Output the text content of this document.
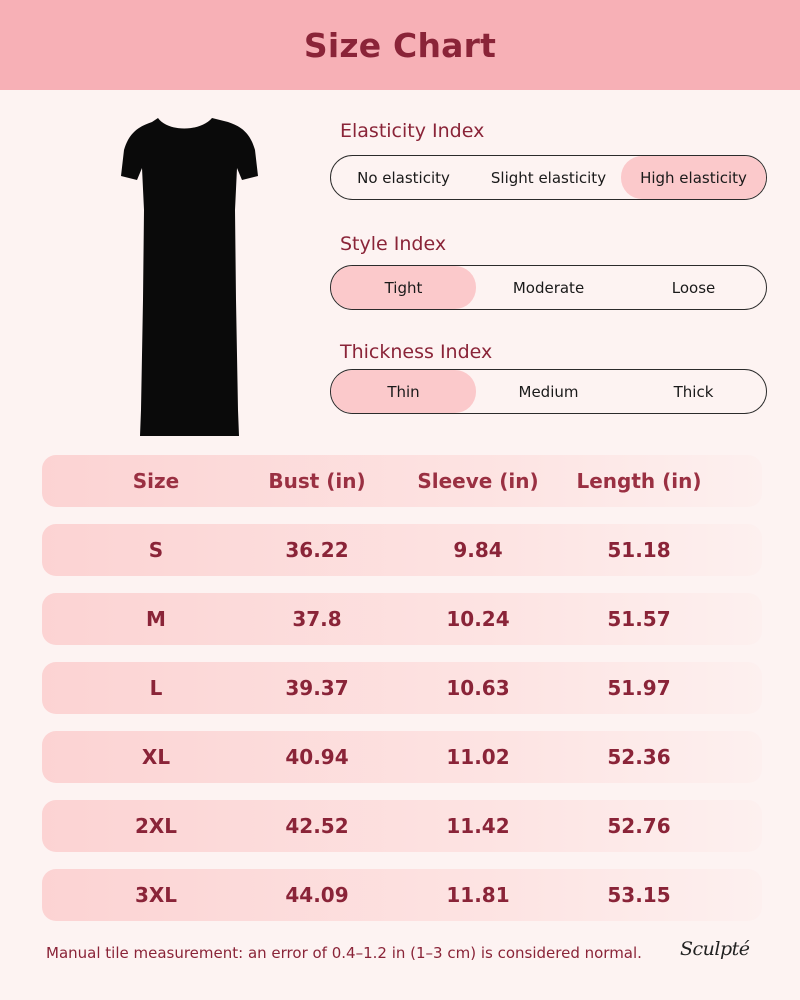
Size Chart
Elasticity Index
No elasticity	Slight elasticity	High elasticity
Style Index
Tight	Moderate	Loose
Thickness Index
Thin	Medium	Thick
Size	Bust (in)	Sleeve (in)	Length (in)
S	36.22	9.84	51.18
M	37.8	10.24	51.57
L	39.37	10.63	51.97
XL	40.94	11.02	52.36
2XL	42.52	11.42	52.76
3XL	44.09	11.81	53.15
Manual tile measurement: an error of 0.4–1.2 in (1–3 cm) is considered normal. Sculpté
